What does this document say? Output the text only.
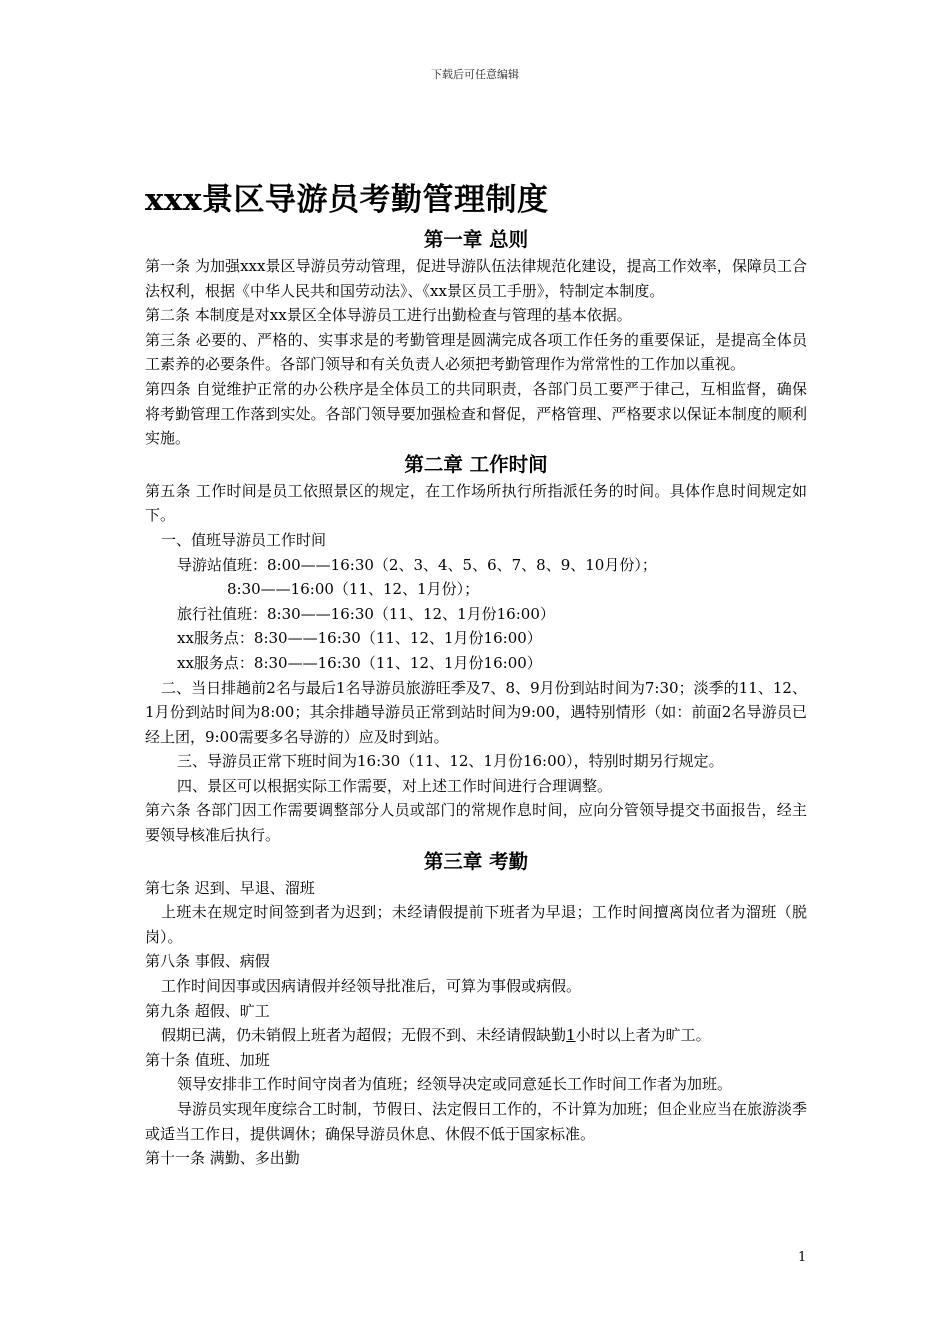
下载后可任意编辑

xxx景区导游员考勤管理制度

第一章 总则

第一条 为加强xxx景区导游员劳动管理，促进导游队伍法律规范化建设，提高工作效率，保障员工合法权利，根据《中华人民共和国劳动法》、《xx景区员工手册》，特制定本制度。

第二条 本制度是对xx景区全体导游员工进行出勤检查与管理的基本依据。

第三条 必要的、严格的、实事求是的考勤管理是圆满完成各项工作任务的重要保证，是提高全体员工素养的必要条件。各部门领导和有关负责人必须把考勤管理作为常常性的工作加以重视。

第四条 自觉维护正常的办公秩序是全体员工的共同职责，各部门员工要严于律己，互相监督，确保将考勤管理工作落到实处。各部门领导要加强检查和督促，严格管理、严格要求以保证本制度的顺利实施。

第二章 工作时间

第五条 工作时间是员工依照景区的规定，在工作场所执行所指派任务的时间。具体作息时间规定如下。

一、值班导游员工作时间

导游站值班：8:00——16:30（2、3、4、5、6、7、8、9、10月份）；

8:30——16:00（11、12、1月份）；

旅行社值班：8:30——16:30（11、12、1月份16:00）

xx服务点：8:30——16:30（11、12、1月份16:00）

xx服务点：8:30——16:30（11、12、1月份16:00）

二、当日排趟前2名与最后1名导游员旅游旺季及7、8、9月份到站时间为7:30；淡季的11、12、1月份到站时间为8:00；其余排趟导游员正常到站时间为9:00，遇特别情形（如：前面2名导游员已经上团，9:00需要多名导游的）应及时到站。

三、导游员正常下班时间为16:30（11、12、1月份16:00），特别时期另行规定。

四、景区可以根据实际工作需要，对上述工作时间进行合理调整。

第六条 各部门因工作需要调整部分人员或部门的常规作息时间，应向分管领导提交书面报告，经主要领导核准后执行。

第三章 考勤

第七条 迟到、早退、溜班

上班未在规定时间签到者为迟到；未经请假提前下班者为早退；工作时间擅离岗位者为溜班（脱岗）。

第八条 事假、病假

工作时间因事或因病请假并经领导批准后，可算为事假或病假。

第九条 超假、旷工

假期已满，仍未销假上班者为超假；无假不到、未经请假缺勤1小时以上者为旷工。

第十条 值班、加班

领导安排非工作时间守岗者为值班；经领导决定或同意延长工作时间工作者为加班。

导游员实现年度综合工时制，节假日、法定假日工作的，不计算为加班；但企业应当在旅游淡季或适当工作日，提供调休；确保导游员休息、休假不低于国家标准。

第十一条 满勤、多出勤

1
